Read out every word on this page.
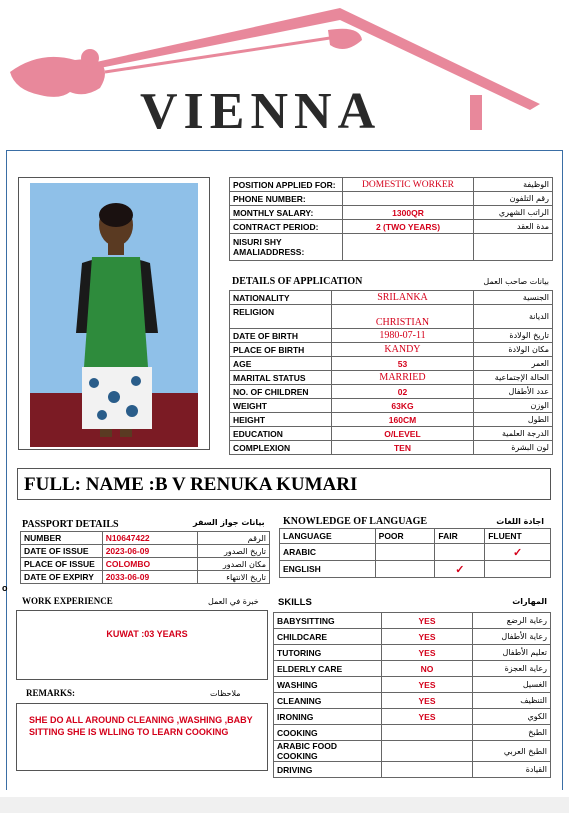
VIENNA
POSITION APPLIED FOR:	DOMESTIC WORKER	الوظيفة
PHONE NUMBER:		رقم التلفون
MONTHLY SALARY:	1300QR	الراتب الشهري
CONTRACT PERIOD:	2 (TWO YEARS)	مدة العقد
NISURI SHY AMALIADDRESS:		
DETAILS OF APPLICATION	بيانات صاحب العمل
NATIONALITY	SRILANKA	الجنسية
RELIGION	CHRISTIAN	الديانة
DATE OF BIRTH	1980-07-11	تاريخ الولادة
PLACE OF BIRTH	KANDY	مكان الولادة
AGE	53	العمر
MARITAL STATUS	MARRIED	الحالة الإجتماعية
NO. OF CHILDREN	02	عدد الأطفال
WEIGHT	63KG	الوزن
HEIGHT	160CM	الطول
EDUCATION	O/LEVEL	الدرجة العلمية
COMPLEXION	TEN	لون البشرة
FULL: NAME :B V RENUKA KUMARI
PASSPORT DETAILS	بيانات جواز السفر
NUMBER	N10647422	الرقم
DATE OF ISSUE	2023-06-09	تاريخ الصدور
PLACE OF ISSUE	COLOMBO	مكان الصدور
DATE OF EXPIRY	2033-06-09	تاريخ الانتهاء
KNOWLEDGE OF LANGUAGE	اجادة اللغات
LANGUAGE	POOR	FAIR	FLUENT
ARABIC			✓
ENGLISH		✓	
o
WORK EXPERIENCE	خبرة في العمل
KUWAT :03 YEARS
REMARKS:	ملاحظات
SHE DO ALL AROUND CLEANING ,WASHING ,BABY SITTING SHE IS WLLING TO LEARN COOKING
SKILLS	المهارات
BABYSITTING	YES	رعاية الرضع
CHILDCARE	YES	رعاية الأطفال
TUTORING	YES	تعليم الأطفال
ELDERLY CARE	NO	رعاية العجزة
WASHING	YES	الغسيل
CLEANING	YES	التنظيف
IRONING	YES	الكوي
COOKING		الطبخ
ARABIC FOOD COOKING		الطبخ العربي
DRIVING		القيادة
